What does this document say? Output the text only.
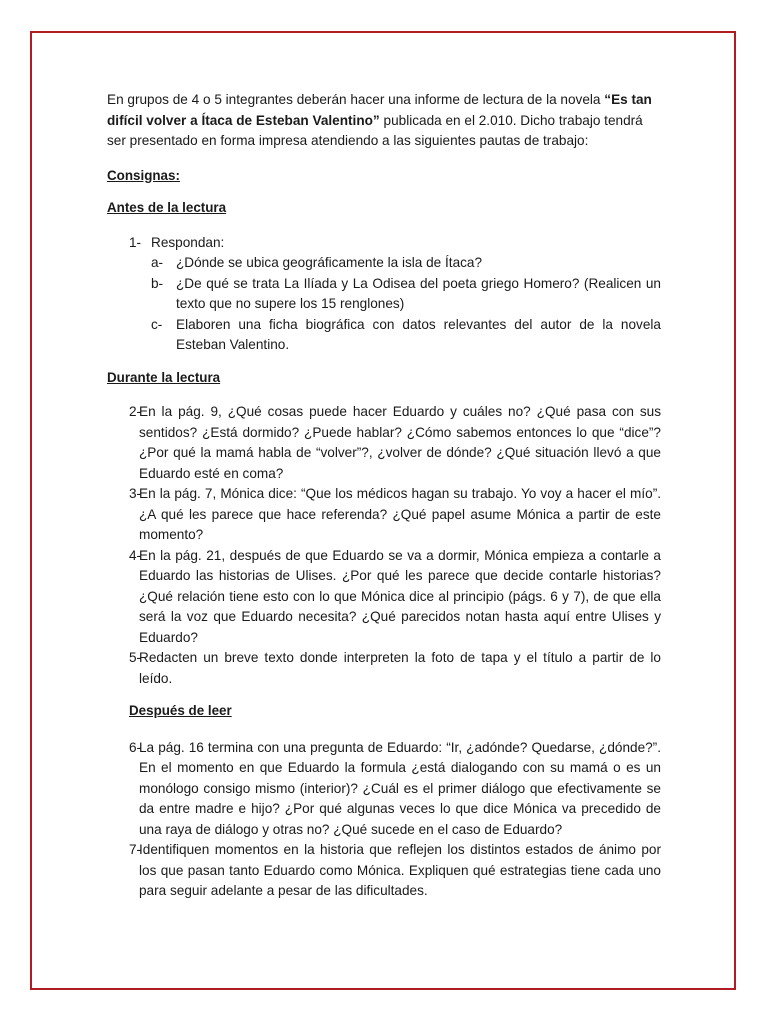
En grupos de 4 o 5 integrantes deberán hacer una informe de lectura de la novela “Es tan difícil volver a Ítaca de Esteban Valentino” publicada en el 2.010. Dicho trabajo tendrá ser presentado en forma impresa atendiendo a las siguientes pautas de trabajo:

Consignas:

Antes de la lectura

1- Respondan:
a- ¿Dónde se ubica geográficamente la isla de Ítaca?
b- ¿De qué se trata La Ilíada y La Odisea del poeta griego Homero? (Realicen un texto que no supere los 15 renglones)
c- Elaboren una ficha biográfica con datos relevantes del autor de la novela Esteban Valentino.

Durante la lectura

2-
En la pág. 9, ¿Qué cosas puede hacer Eduardo y cuáles no? ¿Qué pasa con sus sentidos? ¿Está dormido? ¿Puede hablar? ¿Cómo sabemos entonces lo que “dice”? ¿Por qué la mamá habla de “volver”?, ¿volver de dónde? ¿Qué situación llevó a que Eduardo esté en coma?
3-
En la pág. 7, Mónica dice: “Que los médicos hagan su trabajo. Yo voy a hacer el mío”. ¿A qué les parece que hace referenda? ¿Qué papel asume Mónica a partir de este momento?
4-
En la pág. 21, después de que Eduardo se va a dormir, Mónica empieza a contarle a Eduardo las historias de Ulises. ¿Por qué les parece que decide contarle historias? ¿Qué relación tiene esto con lo que Mónica dice al principio (págs. 6 y 7), de que ella será la voz que Eduardo necesita? ¿Qué parecidos notan hasta aquí entre Ulises y Eduardo?
5-
Redacten un breve texto donde interpreten la foto de tapa y el título a partir de lo leído.

Después de leer

6-
La pág. 16 termina con una pregunta de Eduardo: “Ir, ¿adónde? Quedarse, ¿dónde?”. En el momento en que Eduardo la formula ¿está dialogando con su mamá o es un monólogo consigo mismo (interior)? ¿Cuál es el primer diálogo que efectivamente se da entre madre e hijo? ¿Por qué algunas veces lo que dice Mónica va precedido de una raya de diálogo y otras no? ¿Qué sucede en el caso de Eduardo?
7-
Identifiquen momentos en la historia que reflejen los distintos estados de ánimo por los que pasan tanto Eduardo como Mónica. Expliquen qué estrategias tiene cada uno para seguir adelante a pesar de las dificultades.
